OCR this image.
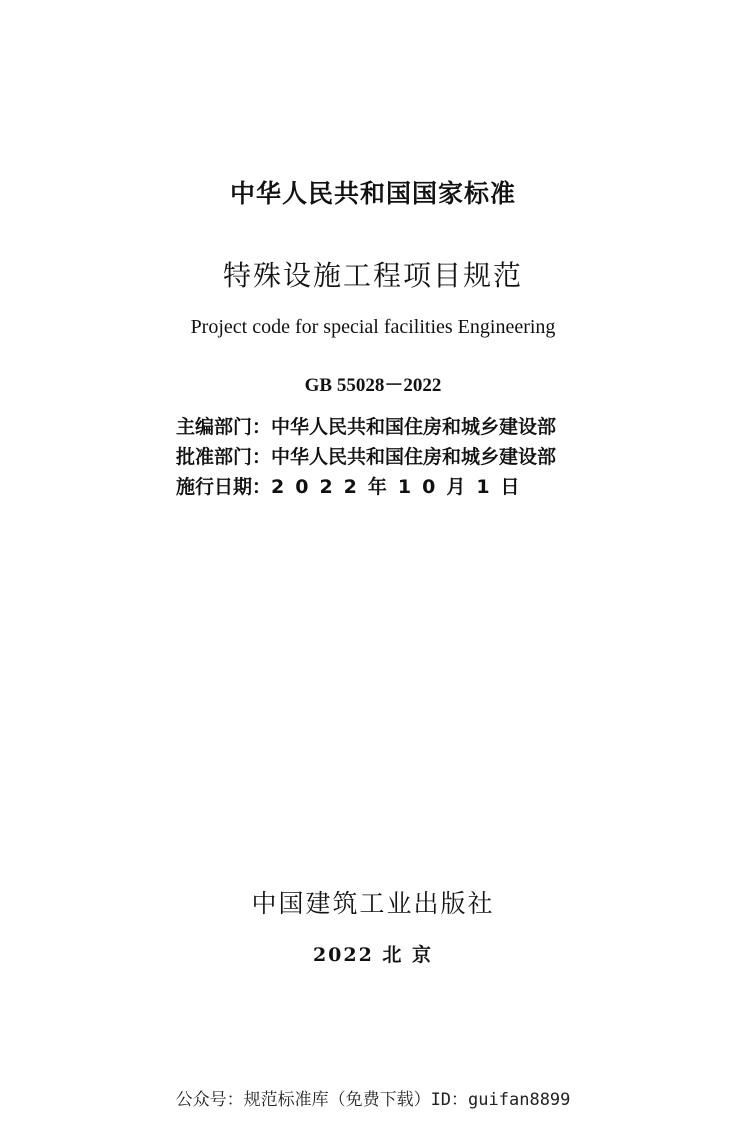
中华人民共和国国家标准
特殊设施工程项目规范
Project code for special facilities Engineering
GB 55028－2022
主编部门： 中华人民共和国住房和城乡建设部
批准部门： 中华人民共和国住房和城乡建设部
施行日期： 2022年10月1日
中国建筑工业出版社
2022 北 京
公众号：规范标准库（免费下载）ID：guifan8899
